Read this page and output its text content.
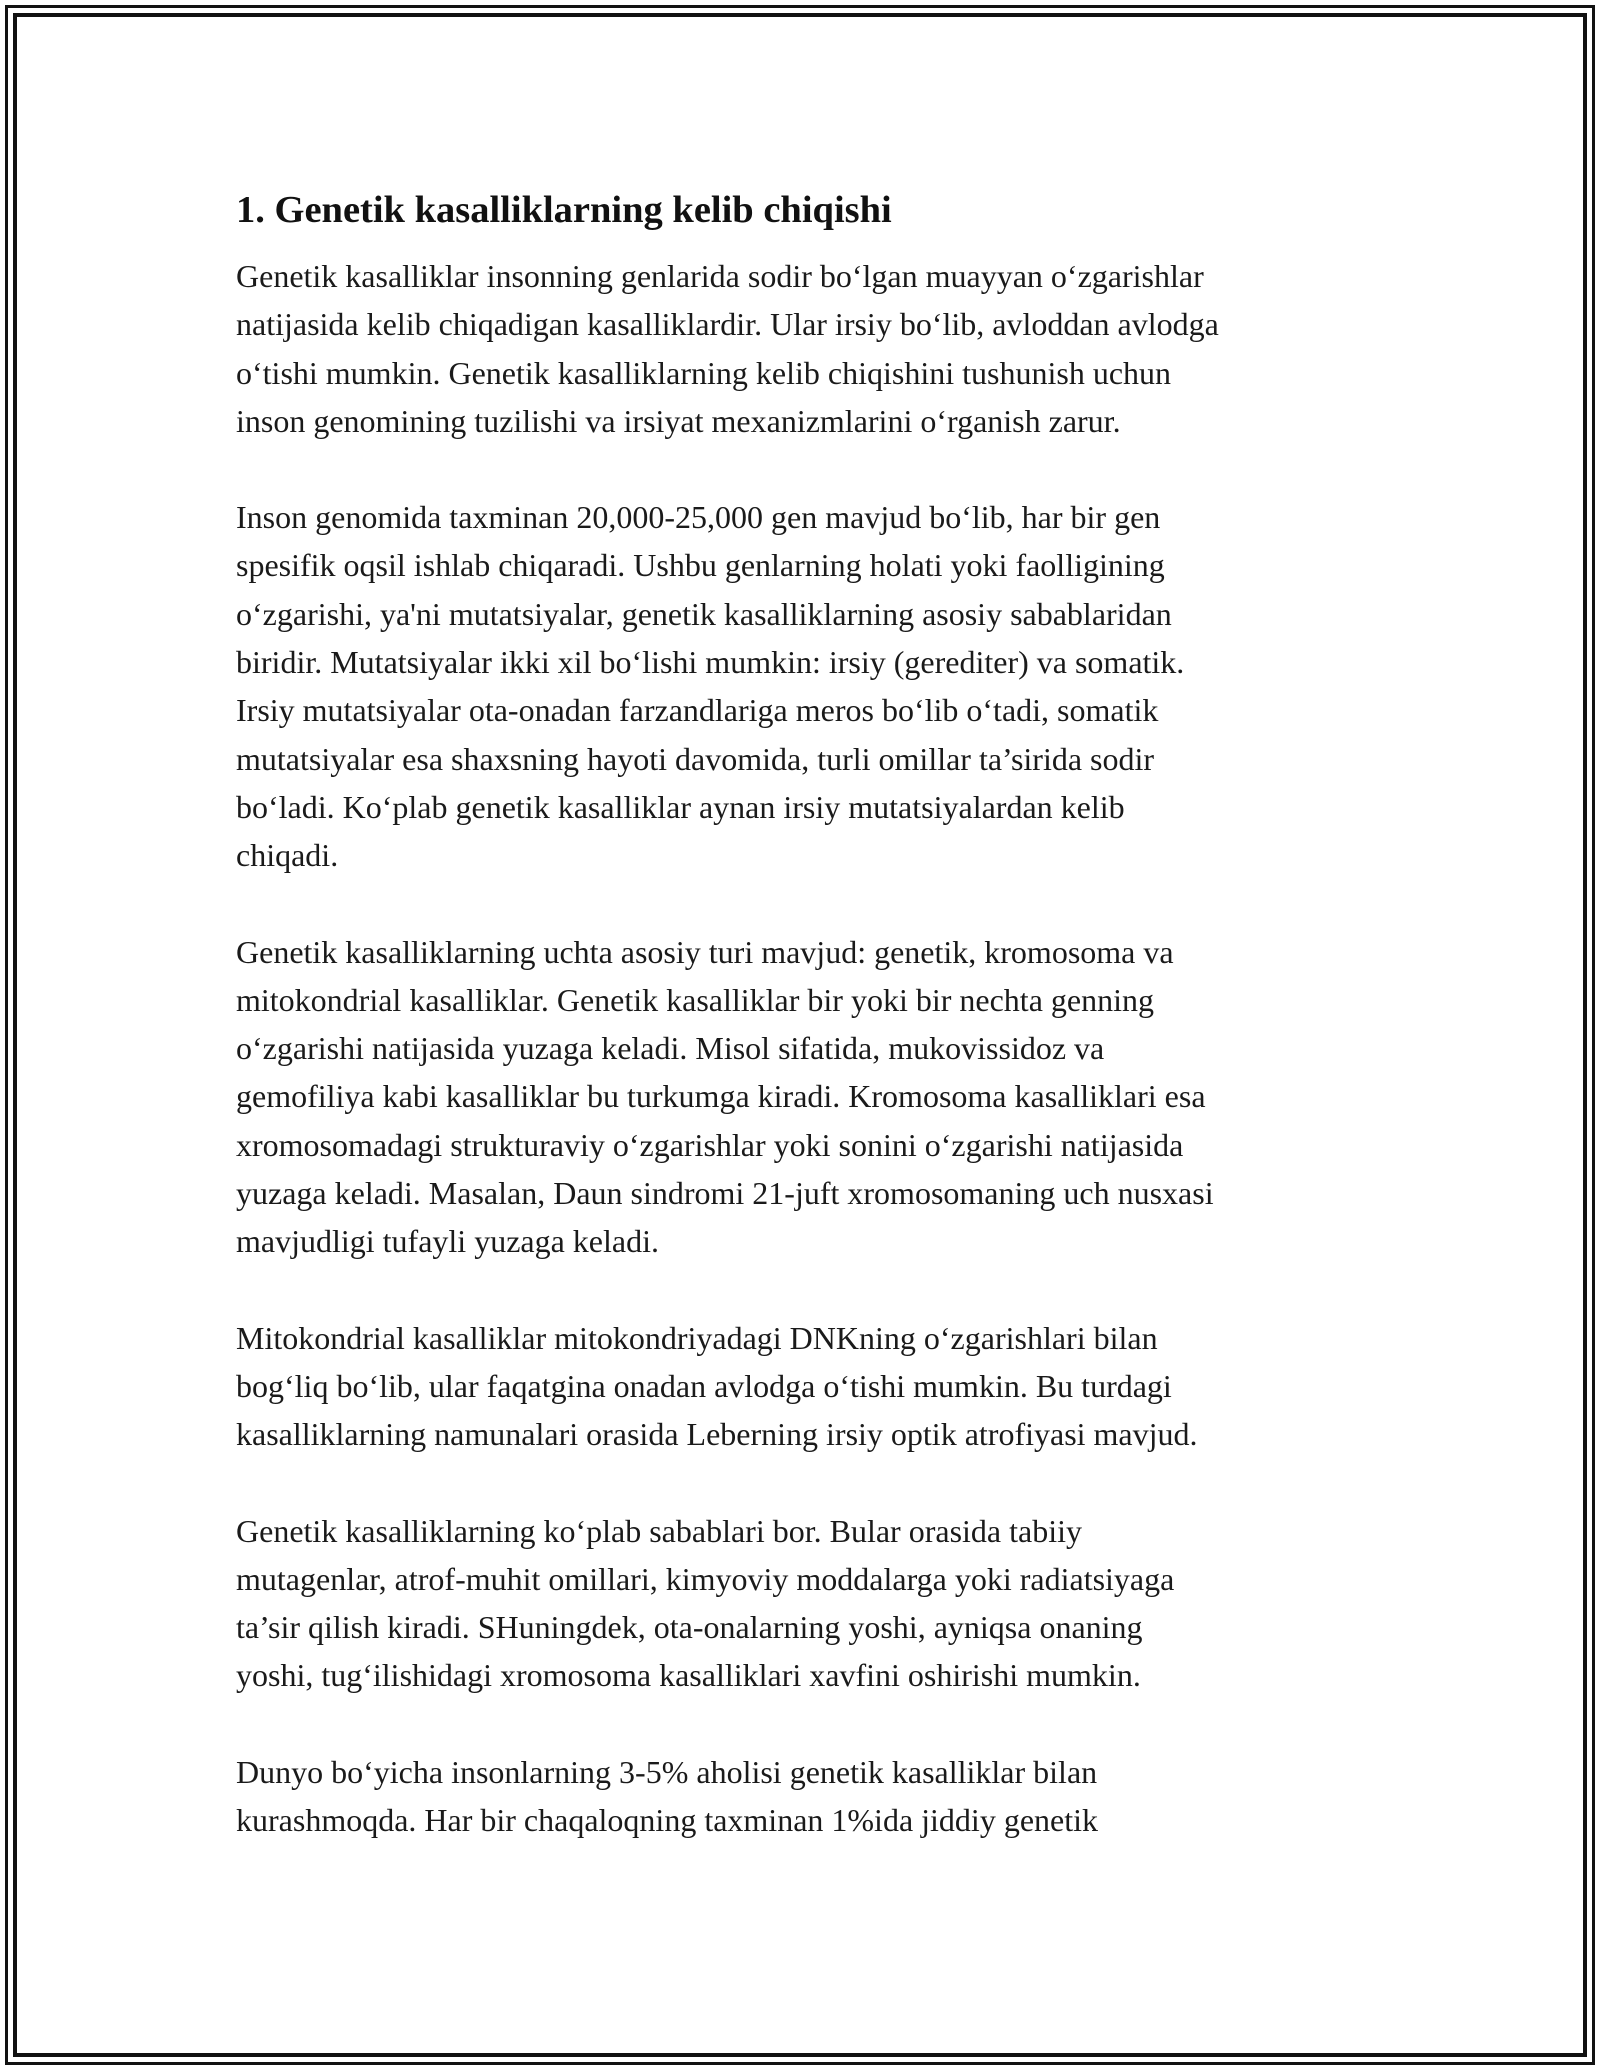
1. Genetik kasalliklarning kelib chiqishi

Genetik kasalliklar insonning genlarida sodir boʻlgan muayyan oʻzgarishlar
natijasida kelib chiqadigan kasalliklardir. Ular irsiy boʻlib, avloddan avlodga
oʻtishi mumkin. Genetik kasalliklarning kelib chiqishini tushunish uchun
inson genomining tuzilishi va irsiyat mexanizmlarini oʻrganish zarur.

Inson genomida taxminan 20,000-25,000 gen mavjud boʻlib, har bir gen
spesifik oqsil ishlab chiqaradi. Ushbu genlarning holati yoki faolligining
oʻzgarishi, ya'ni mutatsiyalar, genetik kasalliklarning asosiy sabablaridan
biridir. Mutatsiyalar ikki xil boʻlishi mumkin: irsiy (gerediter) va somatik.
Irsiy mutatsiyalar ota-onadan farzandlariga meros boʻlib oʻtadi, somatik
mutatsiyalar esa shaxsning hayoti davomida, turli omillar ta’sirida sodir
boʻladi. Koʻplab genetik kasalliklar aynan irsiy mutatsiyalardan kelib
chiqadi.

Genetik kasalliklarning uchta asosiy turi mavjud: genetik, kromosoma va
mitokondrial kasalliklar. Genetik kasalliklar bir yoki bir nechta genning
oʻzgarishi natijasida yuzaga keladi. Misol sifatida, mukovissidoz va
gemofiliya kabi kasalliklar bu turkumga kiradi. Kromosoma kasalliklari esa
xromosomadagi strukturaviy oʻzgarishlar yoki sonini oʻzgarishi natijasida
yuzaga keladi. Masalan, Daun sindromi 21-juft xromosomaning uch nusxasi
mavjudligi tufayli yuzaga keladi.

Mitokondrial kasalliklar mitokondriyadagi DNKning oʻzgarishlari bilan
bogʻliq boʻlib, ular faqatgina onadan avlodga oʻtishi mumkin. Bu turdagi
kasalliklarning namunalari orasida Leberning irsiy optik atrofiyasi mavjud.

Genetik kasalliklarning koʻplab sabablari bor. Bular orasida tabiiy
mutagenlar, atrof-muhit omillari, kimyoviy moddalarga yoki radiatsiyaga
ta’sir qilish kiradi. SHuningdek, ota-onalarning yoshi, ayniqsa onaning
yoshi, tugʻilishidagi xromosoma kasalliklari xavfini oshirishi mumkin.

Dunyo boʻyicha insonlarning 3-5% aholisi genetik kasalliklar bilan
kurashmoqda. Har bir chaqaloqning taxminan 1%ida jiddiy genetik
